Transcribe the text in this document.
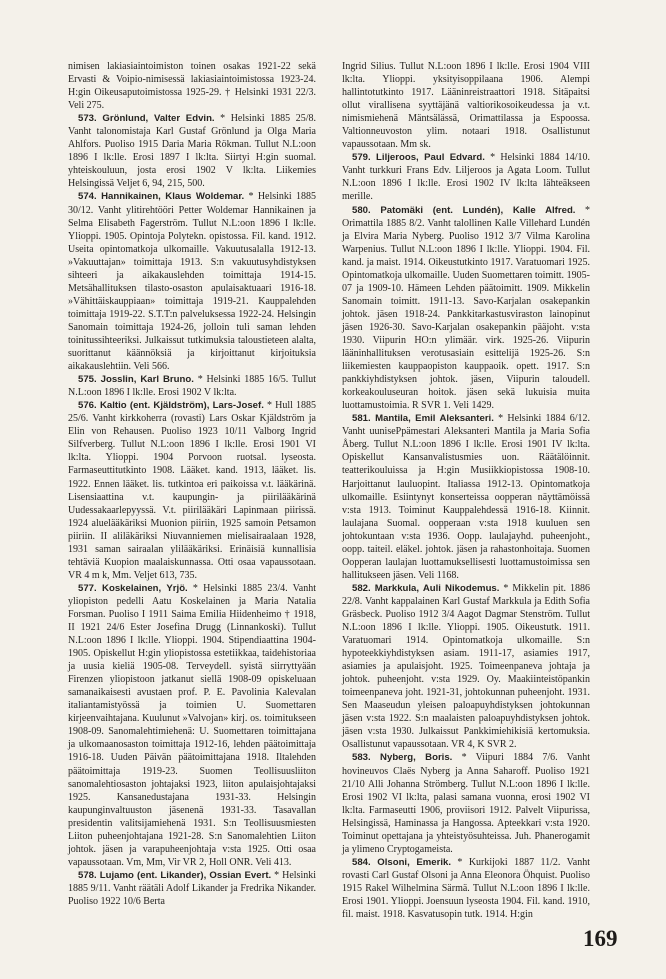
nimisen lakiasiaintoimiston toinen osakas 1921-22 sekä Ervasti & Voipio-nimisessä lakiasiaintoimistossa 1923-24. H:gin Oikeusaputoimistossa 1925-29. † Helsinki 1931 22/3. Veli 275.

573. Grönlund, Valter Edvin. * Helsinki 1885 25/8. Vanht talonomistaja Karl Gustaf Grönlund ja Olga Maria Ahlfors. Puoliso 1915 Daria Maria Rökman. Tullut N.L:oon 1896 I lk:lle. Erosi 1897 I lk:lta. Siirtyi H:gin suomal. yhteiskouluun, josta erosi 1902 V lk:lta. Liikemies Helsingissä Veljet 6, 94, 215, 500.

574. Hannikainen, Klaus Woldemar. * Helsinki 1885 30/12. Vanht ylitirehtööri Petter Woldemar Hannikainen ja Selma Elisabeth Fagerström. Tullut N.L:oon 1896 I lk:lle. Ylioppi. 1905. Opintoja Polytekn. opistossa. Fil. kand. 1912. Useita opintomatkoja ulkomaille. Vakuutusalalla 1912-13. »Vakuuttajan» toimittaja 1913. S:n vakuutusyhdistyksen sihteeri ja aikakauslehden toimittaja 1914-15. Metsähallituksen tilasto-osaston apulaisaktuaari 1916-18. »Vähittäiskauppiaan» toimittaja 1919-21. Kauppalehden toimittaja 1919-22. S.T.T:n palveluksessa 1922-24. Helsingin Sanomain toimittaja 1924-26, jolloin tuli saman lehden toinitussihteeriksi. Julkaissut tutkimuksia taloustieteen alalta, suorittanut käännöksiä ja kirjoittanut kirjoituksia aikakauslehtiin. Veli 566.

575. Josslin, Karl Bruno. * Helsinki 1885 16/5. Tullut N.L:oon 1896 I lk:lle. Erosi 1902 V lk:lta.

576. Kaltio (ent. Kjäldström), Lars-Josef. * Hull 1885 25/6. Vanht kirkkoherra (rovasti) Lars Oskar Kjäldström ja Elin von Rehausen. Puoliso 1923 10/11 Valborg Ingrid Silfverberg. Tullut N.L:oon 1896 I lk:lle. Erosi 1901 VI lk:lta. Ylioppi. 1904 Porvoon ruotsal. lyseosta. Farmaseuttitutkinto 1908. Lääket. kand. 1913, lääket. lis. 1922. Ennen lääket. lis. tutkintoa eri paikoissa v.t. lääkärinä. Lisensiaattina v.t. kaupungin- ja piirilääkärinä Uudessakaarlepyyssä. V.t. piirilääkäri Lapinmaan piirissä. 1924 aluelääkäriksi Muonion piiriin, 1925 samoin Petsamon piiriin. II aliläkäriksi Niuvanniemen mielisairaalaan 1928, 1931 saman sairaalan ylilääkäriksi. Erinäisiä kunnallisia tehtäviä Kuopion maalaiskunnassa. Otti osaa vapaussotaan. VR 4 m k, Mm. Veljet 613, 735.

577. Koskelainen, Yrjö. * Helsinki 1885 23/4. Vanht yliopiston pedelli Aatu Koskelainen ja Maria Natalia Forsman. Puoliso I 1911 Saima Emilia Hiidenheimo † 1918, II 1921 24/6 Ester Josefina Drugg (Linnankoski). Tullut N.L:oon 1896 I lk:lle. Ylioppi. 1904. Stipendiaattina 1904-1905. Opiskellut H:gin yliopistossa estetiikkaa, taidehistoriaa ja uusia kieliä 1905-08. Terveydell. syistä siirryttyään Firenzen yliopistoon jatkanut siellä 1908-09 opiskeluaan samanaikaisesti avustaen prof. P. E. Pavolinia Kalevalan italiantamistyössä ja toimien U. Suomettaren kirjeenvaihtajana. Kuulunut »Valvojan» kirj. os. toimitukseen 1908-09. Sanomalehtimiehenä: U. Suomettaren toimittajana ja ulkomaanosaston toimittaja 1912-16, lehden päätoimittaja 1916-18. Uuden Päivän päätoimittajana 1918. Iltalehden päätoimittaja 1919-23. Suomen Teollisuusliiton sanomalehtiosaston johtajaksi 1923, liiton apulaisjohtajaksi 1925. Kansanedustajana 1931-33. Helsingin kaupunginvaltuuston jäsenenä 1931-33. Tasavallan presidentin valitsijamiehenä 1931. S:n Teollisuusmiesten Liiton puheenjohtajana 1921-28. S:n Sanomalehtien Liiton johtok. jäsen ja varapuheenjohtaja v:sta 1925. Otti osaa vapaussotaan. Vm, Mm, Vir VR 2, Holl ONR. Veli 413.

578. Lujamo (ent. Likander), Ossian Evert. * Helsinki 1885 9/11. Vanht räätäli Adolf Likander ja Fredrika Nikander. Puoliso 1922 10/6 Berta

Ingrid Silius. Tullut N.L:oon 1896 I lk:lle. Erosi 1904 VIII lk:lta. Ylioppi. yksityisoppilaana 1906. Alempi hallintotutkinto 1917. Lääninreistraattori 1918. Sitäpaitsi ollut virallisena syyttäjänä valtiorikosoikeudessa ja v.t. nimismiehenä Mäntsälässä, Orimattilassa ja Espoossa. Valtionneuvoston ylim. notaari 1918. Osallistunut vapaussotaan. Mm sk.

579. Liljeroos, Paul Edvard. * Helsinki 1884 14/10. Vanht turkkuri Frans Edv. Liljeroos ja Agata Loom. Tullut N.L:oon 1896 I lk:lle. Erosi 1902 IV lk:lta lähteäkseen merille.

580. Patomäki (ent. Lundén), Kalle Alfred. * Orimattila 1885 8/2. Vanht talollinen Kalle Villehard Lundén ja Elvira Maria Nyberg. Puoliso 1912 3/7 Vilma Karolina Warpenius. Tullut N.L:oon 1896 I lk:lle. Ylioppi. 1904. Fil. kand. ja maist. 1914. Oikeustutkinto 1917. Varatuomari 1925. Opintomatkoja ulkomaille. Uuden Suomettaren toimitt. 1905-07 ja 1909-10. Hämeen Lehden päätoimitt. 1909. Mikkelin Sanomain toimitt. 1911-13. Savo-Karjalan osakepankin johtok. jäsen 1918-24. Pankkitarkastusviraston lainopinut jäsen 1926-30. Savo-Karjalan osakepankin pääjoht. v:sta 1930. Viipurin HO:n ylimäär. virk. 1925-26. Viipurin lääninhallituksen verotusasiain esittelijä 1925-26. S:n liikemiesten kauppaopiston kauppaoik. opett. 1917. S:n pankkiyhdistyksen johtok. jäsen, Viipurin taloudell. korkeakouluseuran hoitok. jäsen sekä lukuisia muita luottamustoimia. R SVR 1. Veli 1429.

581. Mantila, Emil Aleksanteri. * Helsinki 1884 6/12. Vanht uunisePpämestari Aleksanteri Mantila ja Maria Sofia Åberg. Tullut N.L:oon 1896 I lk:lle. Erosi 1901 IV lk:lta. Opiskellut Kansanvalistusmies uon. Räätälöinnit. teatterikouluissa ja H:gin Musiikkiopistossa 1908-10. Harjoittanut lauluopint. Italiassa 1912-13. Opintomatkoja ulkomaille. Esiintynyt konserteissa oopperan näyttämöissä v:sta 1913. Toiminut Kauppalehdessä 1916-18. Kiinnit. laulajana Suomal. oopperaan v:sta 1918 kuuluen sen johtokuntaan v:sta 1936. Oopp. laulajayhd. puheenjoht., oopp. taiteil. eläkel. johtok. jäsen ja rahastonhoitaja. Suomen Oopperan laulajan luottamuksellisesti luottamustoimissa sen hallitukseen jäsen. Veli 1168.

582. Markkula, Auli Nikodemus. * Mikkelin pit. 1886 22/8. Vanht kappalainen Karl Gustaf Markkula ja Edith Sofia Gräsbeck. Puoliso 1912 3/4 Aagot Dagmar Stenström. Tullut N.L:oon 1896 I lk:lle. Ylioppi. 1905. Oikeustutk. 1911. Varatuomari 1914. Opintomatkoja ulkomaille. S:n hypoteekkiyhdistyksen asiam. 1911-17, asiamies 1917, asiamies ja apulaisjoht. 1925. Toimeenpaneva johtaja ja johtok. puheenjoht. v:sta 1929. Oy. Maakiinteistöpankin toimeenpaneva joht. 1921-31, johtokunnan puheenjoht. 1931. Sen Maaseudun yleisen paloapuyhdistyksen johtokunnan jäsen v:sta 1922. S:n maalaisten paloapuyhdistyksen johtok. jäsen v:sta 1930. Julkaissut Pankkimiehikisiä kertomuksia. Osallistunut vapaussotaan. VR 4, K SVR 2.

583. Nyberg, Boris. * Viipuri 1884 7/6. Vanht hovineuvos Claës Nyberg ja Anna Saharoff. Puoliso 1921 21/10 Alli Johanna Strömberg. Tullut N.L:oon 1896 I lk:lle. Erosi 1902 VI lk:lta, palasi samana vuonna, erosi 1902 VI lk:lta. Farmaseutti 1906, proviisori 1912. Palvelt Viipurissa, Helsingissä, Haminassa ja Hangossa. Apteekkari v:sta 1920. Toiminut opettajana ja yhteistyösuhteissa. Juh. Phanerogamit ja ylimeno Cryptogameista.

584. Olsoni, Emerik. * Kurkijoki 1887 11/2. Vanht rovasti Carl Gustaf Olsoni ja Anna Eleonora Öhquist. Puoliso 1915 Rakel Wilhelmina Särmä. Tullut N.L:oon 1896 I lk:lle. Erosi 1901. Ylioppi. Joensuun lyseosta 1904. Fil. kand. 1910, fil. maist. 1918. Kasvatusopin tutk. 1914. H:gin

169
